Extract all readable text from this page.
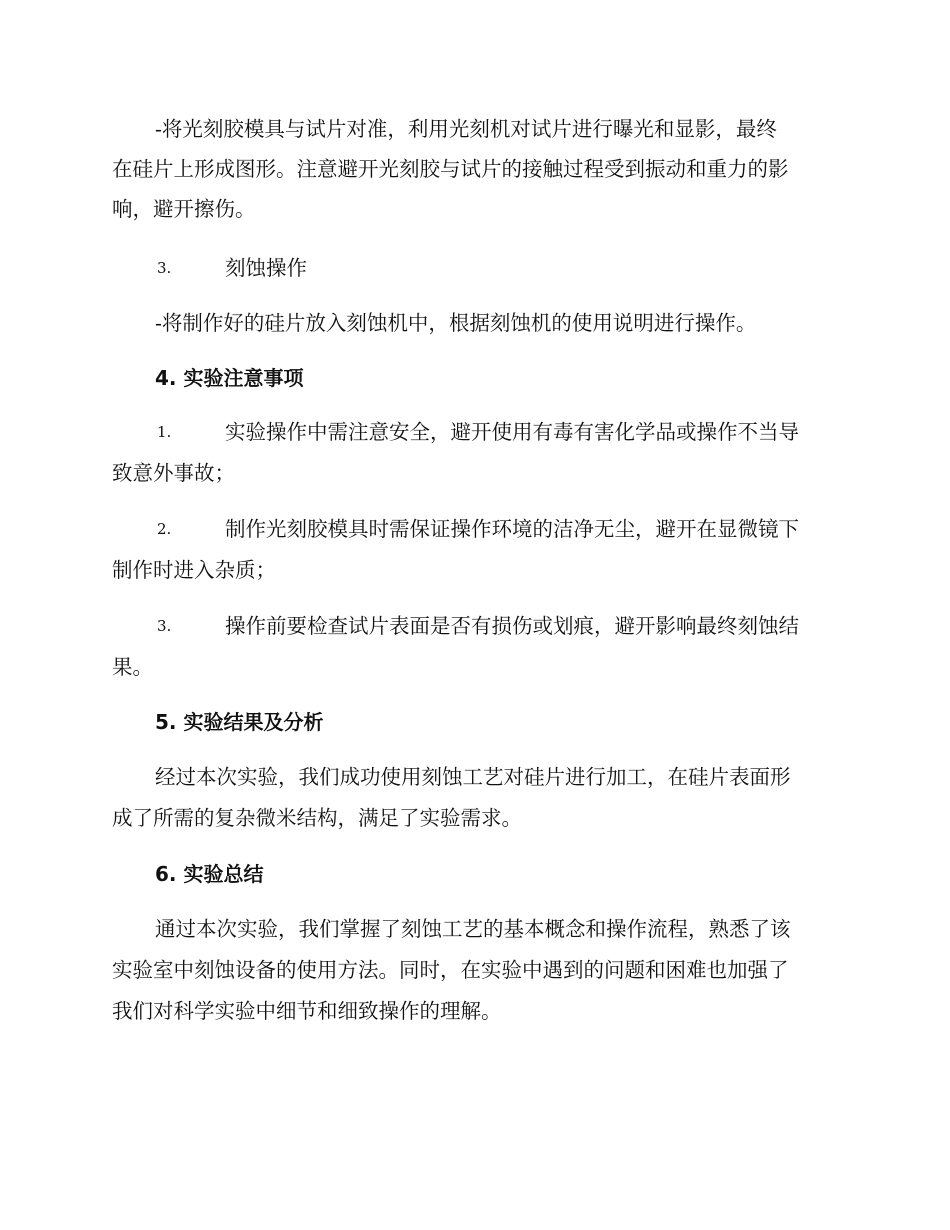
-将光刻胶模具与试片对准，利用光刻机对试片进行曝光和显影，最终
在硅片上形成图形。注意避开光刻胶与试片的接触过程受到振动和重力的影
响，避开擦伤。
3.	刻蚀操作
-将制作好的硅片放入刻蚀机中，根据刻蚀机的使用说明进行操作。
4. 实验注意事项
1.	实验操作中需注意安全，避开使用有毒有害化学品或操作不当导
致意外事故；
2.	制作光刻胶模具时需保证操作环境的洁净无尘，避开在显微镜下
制作时进入杂质；
3.	操作前要检查试片表面是否有损伤或划痕，避开影响最终刻蚀结
果。
5. 实验结果及分析
经过本次实验，我们成功使用刻蚀工艺对硅片进行加工，在硅片表面形
成了所需的复杂微米结构，满足了实验需求。
6. 实验总结
通过本次实验，我们掌握了刻蚀工艺的基本概念和操作流程，熟悉了该
实验室中刻蚀设备的使用方法。同时，在实验中遇到的问题和困难也加强了
我们对科学实验中细节和细致操作的理解。
